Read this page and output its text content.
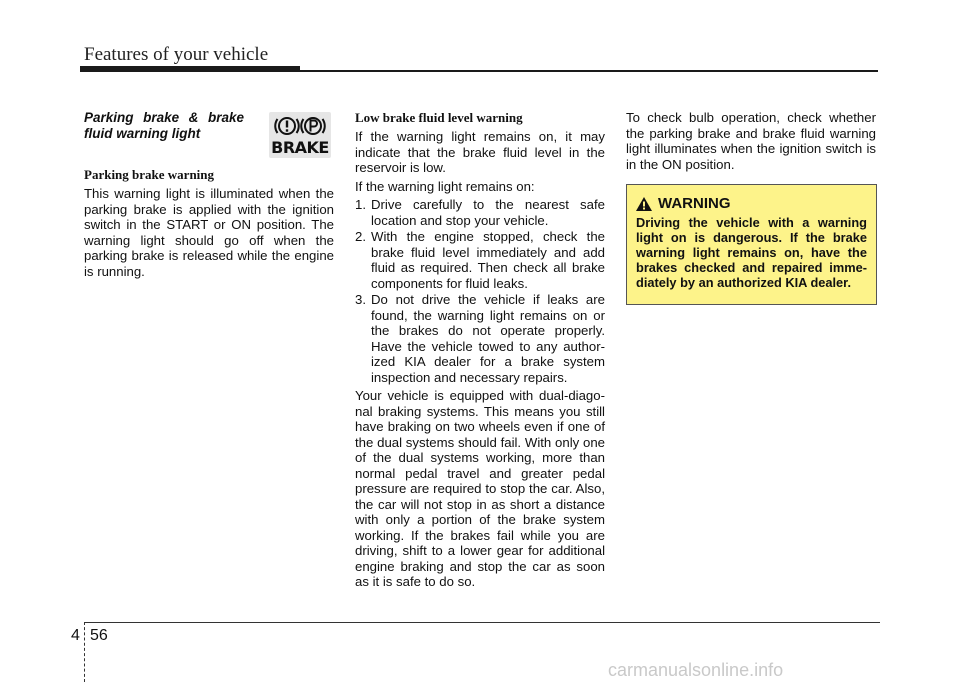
Features of your vehicle

Parking brake & brake fluid warning light

Parking brake warning

This warning light is illuminated when the parking brake is applied with the ignition switch in the START or ON position. The warning light should go off when the parking brake is released while the engine is running.

BRAKE

Low brake fluid level warning

If the warning light remains on, it may indicate that the brake fluid level in the reservoir is low.

If the warning light remains on:

1. Drive carefully to the nearest safe location and stop your vehicle.
2. With the engine stopped, check the brake fluid level immediately and add fluid as required. Then check all brake components for fluid leaks.
3. Do not drive the vehicle if leaks are found, the warning light remains on or the brakes do not operate properly. Have the vehicle towed to any author-ized KIA dealer for a brake system inspection and necessary repairs.

Your vehicle is equipped with dual-diago-nal braking systems. This means you still have braking on two wheels even if one of the dual systems should fail. With only one of the dual systems working, more than normal pedal travel and greater pedal pressure are required to stop the car. Also, the car will not stop in as short a distance with only a portion of the brake system working. If the brakes fail while you are driving, shift to a lower gear for additional engine braking and stop the car as soon as it is safe to do so.

To check bulb operation, check whether the parking brake and brake fluid warning light illuminates when the ignition switch is in the ON position.

WARNING
Driving the vehicle with a warning light on is dangerous. If the brake warning light remains on, have the brakes checked and repaired imme-diately by an authorized KIA dealer.
4 56
carmanualsonline.info
